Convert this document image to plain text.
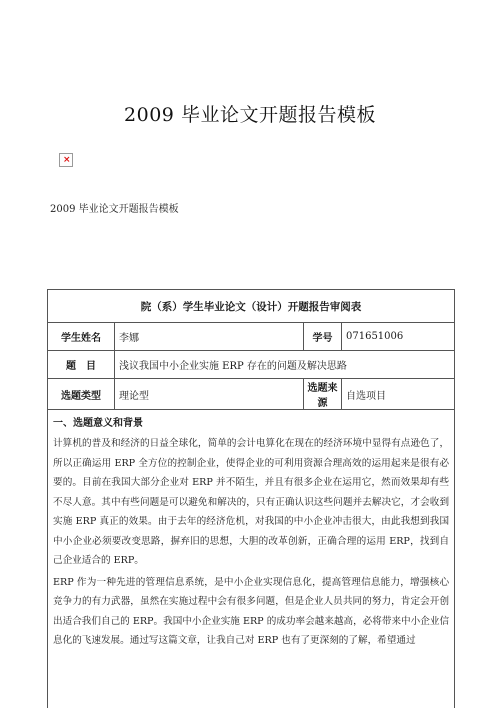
2009 毕业论文开题报告模板
×
2009 毕业论文开题报告模板
院（系）学生毕业论文（设计）开题报告审阅表			
学生姓名	李娜	学号	071651006
题　目	浅议我国中小企业实施 ERP 存在的问题及解决思路		
选题类型	理论型	选题来源	自选项目

一、选题意义和背景

计算机的普及和经济的日益全球化，简单的会计电算化在现在的经济环境中显得有点逊色了，所以正确运用 ERP 全方位的控制企业，使得企业的可利用资源合理高效的运用起来是很有必要的。目前在我国大部分企业对 ERP 并不陌生，并且有很多企业在运用它，然而效果却有些不尽人意。其中有些问题是可以避免和解决的，只有正确认识这些问题并去解决它，才会收到实施 ERP 真正的效果。由于去年的经济危机，对我国的中小企业冲击很大，由此我想到我国中小企业必须要改变思路，摒弃旧的思想，大胆的改革创新，正确合理的运用 ERP，找到自己企业适合的 ERP。

ERP 作为一种先进的管理信息系统，是中小企业实现信息化，提高管理信息能力，增强核心竞争力的有力武器，虽然在实施过程中会有很多问题，但是企业人员共同的努力，肯定会开创出适合我们自己的 ERP。我国中小企业实施 ERP 的成功率会越来越高，必将带来中小企业信息化的飞速发展。通过写这篇文章，让我自己对 ERP 也有了更深刻的了解，希望通过			
